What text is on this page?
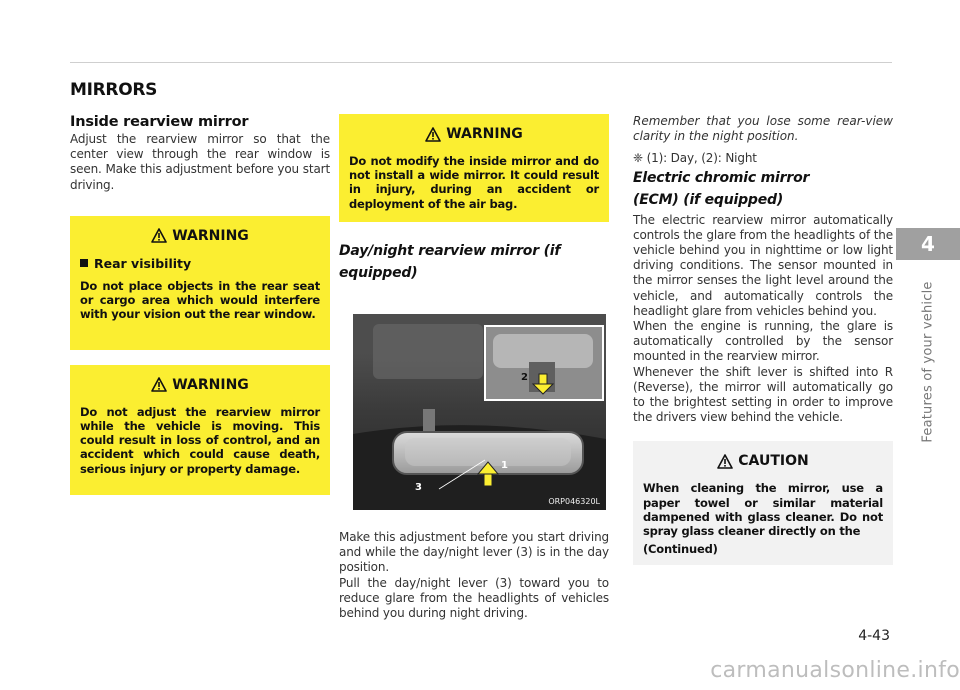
MIRRORS
Inside rearview mirror

Adjust the rearview mirror so that the center view through the rear window is seen. Make this adjustment before you start driving.

WARNING
Rear visibility

Do not place objects in the rear seat or cargo area which would interfere with your vision out the rear window.

WARNING

Do not adjust the rearview mirror while the vehicle is moving. This could result in loss of control, and an accident which could cause death, serious injury or property damage.

WARNING

Do not modify the inside mirror and do not install a wide mirror. It could result in injury, during an accident or deployment of the air bag.

Day/night rearview mirror (if equipped)
1
2
3
ORP046320L

Make this adjustment before you start driving and while the day/night lever (3) is in the day position.

Pull the day/night lever (3) toward you to reduce glare from the headlights of vehicles behind you during night driving.

Remember that you lose some rear-view clarity in the night position.

❈ (1): Day, (2): Night

Electric chromic mirror (ECM) (if equipped)

The electric rearview mirror automatically controls the glare from the headlights of the vehicle behind you in nighttime or low light driving conditions. The sensor mounted in the mirror senses the light level around the vehicle, and automatically controls the headlight glare from vehicles behind you.

When the engine is running, the glare is automatically controlled by the sensor mounted in the rearview mirror.

Whenever the shift lever is shifted into R (Reverse), the mirror will automatically go to the brightest setting in order to improve the drivers view behind the vehicle.

CAUTION

When cleaning the mirror, use a paper towel or similar material dampened with glass cleaner. Do not spray glass cleaner directly on the

(Continued)

4
Features of your vehicle
4-43
carmanualsonline.info
